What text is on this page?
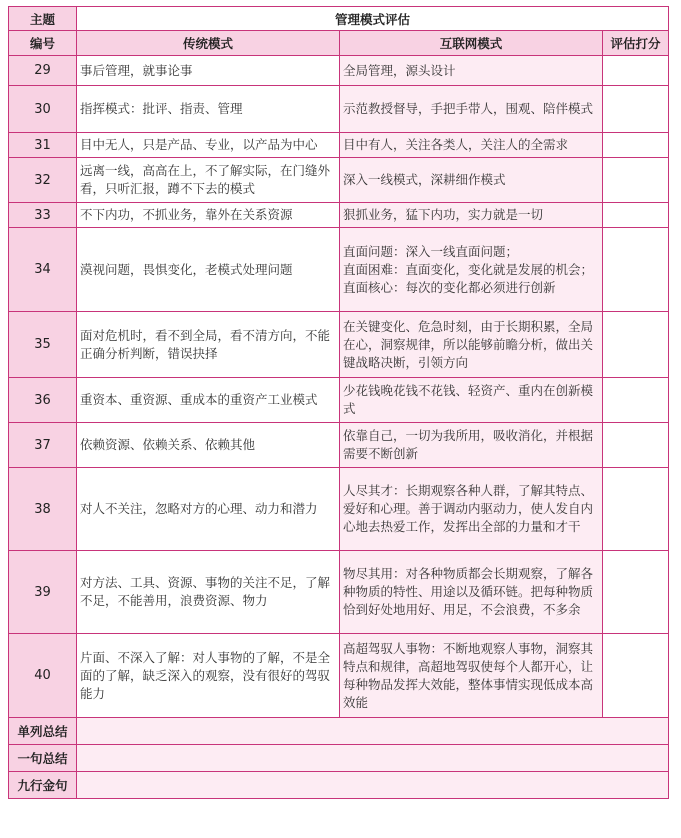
主题	管理模式评估		
编号	传统模式	互联网模式	评估打分
29	事后管理，就事论事	全局管理，源头设计	
30	指挥模式：批评、指责、管理	示范教授督导，手把手带人，围观、陪伴模式	
31	目中无人，只是产品、专业，以产品为中心	目中有人，关注各类人，关注人的全需求	
32	远离一线，高高在上，不了解实际，在门缝外看，只听汇报，蹲不下去的模式	深入一线模式，深耕细作模式	
33	不下内功，不抓业务，靠外在关系资源	狠抓业务，猛下内功，实力就是一切	
34	漠视问题，畏惧变化，老模式处理问题	直面问题：深入一线直面问题；
直面困难：直面变化，变化就是发展的机会；
直面核心：每次的变化都必须进行创新	
35	面对危机时，看不到全局，看不清方向，不能正确分析判断，错误抉择	在关键变化、危急时刻，由于长期积累，全局在心，洞察规律，所以能够前瞻分析，做出关键战略决断，引领方向	
36	重资本、重资源、重成本的重资产工业模式	少花钱晚花钱不花钱、轻资产、重内在创新模式	
37	依赖资源、依赖关系、依赖其他	依靠自己，一切为我所用，吸收消化，并根据需要不断创新	
38	对人不关注，忽略对方的心理、动力和潜力	人尽其才：长期观察各种人群，了解其特点、爱好和心理。善于调动内驱动力，使人发自内心地去热爱工作，发挥出全部的力量和才干	
39	对方法、工具、资源、事物的关注不足，了解不足，不能善用，浪费资源、物力	物尽其用：对各种物质都会长期观察，了解各种物质的特性、用途以及循环链。把每种物质恰到好处地用好、用足，不会浪费，不多余	
40	片面、不深入了解：对人事物的了解，不是全面的了解，缺乏深入的观察，没有很好的驾驭能力	高超驾驭人事物：不断地观察人事物，洞察其特点和规律，高超地驾驭使每个人都开心，让每种物品发挥大效能，整体事情实现低成本高效能	
单列总结			
一句总结			
九行金句			
